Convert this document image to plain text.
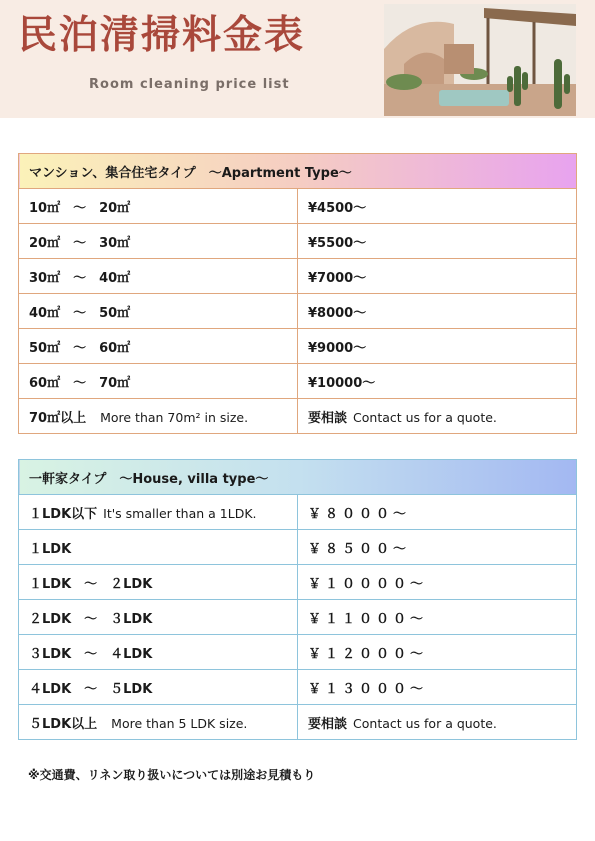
民泊清掃料金表
Room cleaning price list
マンション、集合住宅タイプ　～Apartment Type～	
10㎡　～　20㎡	¥4500～
20㎡　～　30㎡	¥5500～
30㎡　～　40㎡	¥7000～
40㎡　～　50㎡	¥8000～
50㎡　～　60㎡	¥9000～
60㎡　～　70㎡	¥10000～
70㎡以上 More than 70m² in size.	要相談 Contact us for a quote.
一軒家タイプ　～House, villa type～	
１LDK以下 It's smaller than a 1LDK.	￥８０００～
１LDK	￥８５００～
１LDK　～　２LDK	￥１００００～
２LDK　～　３LDK	￥１１０００～
３LDK　～　４LDK	￥１２０００～
４LDK　～　５LDK	￥１３０００～
５LDK以上 More than 5 LDK size.	要相談 Contact us for a quote.
※交通費、リネン取り扱いについては別途お見積もり
